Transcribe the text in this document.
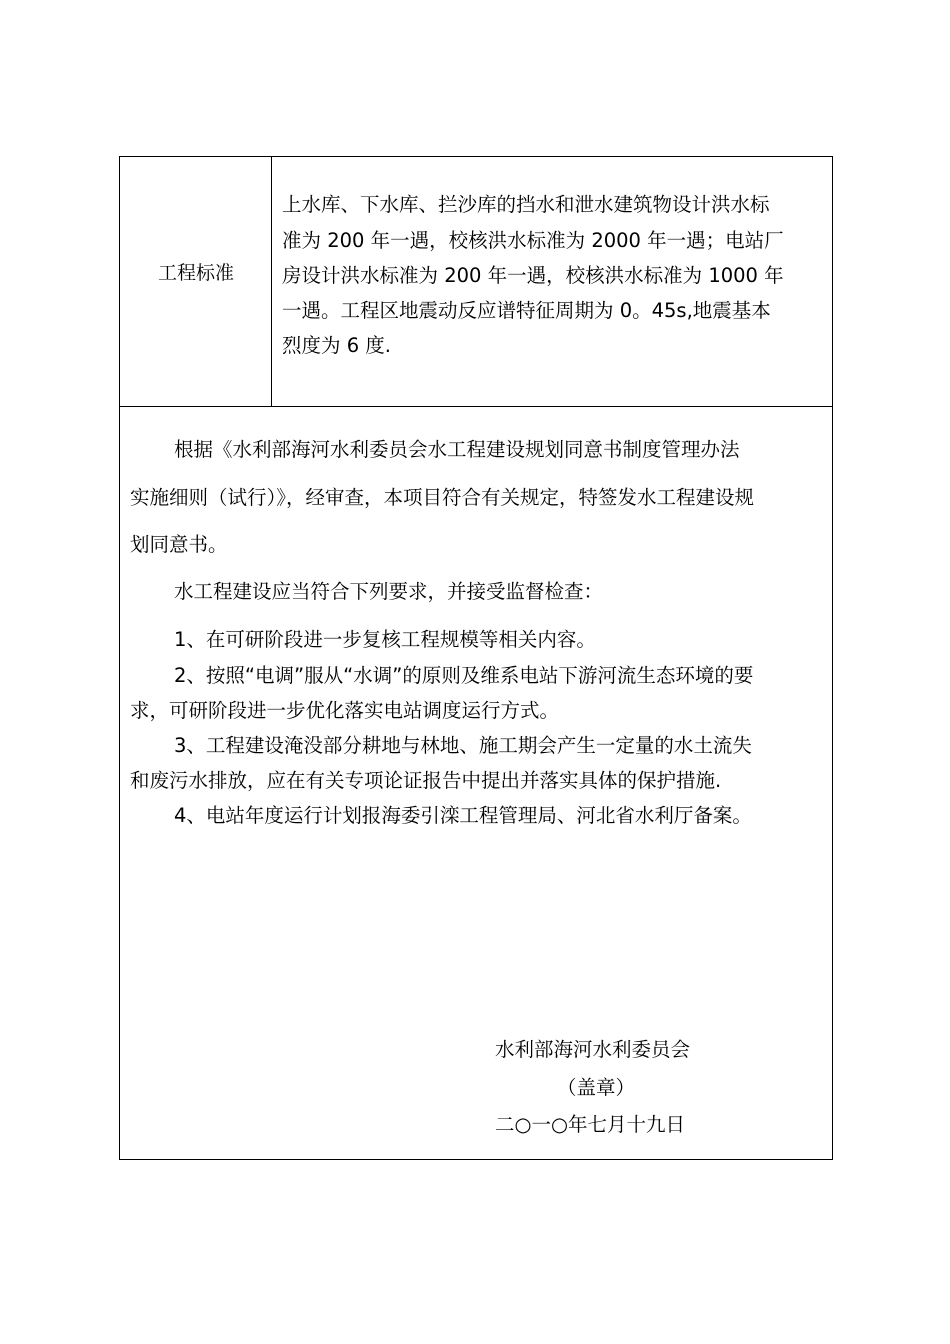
工程标准
上水库、下水库、拦沙库的挡水和泄水建筑物设计洪水标
准为 200 年一遇，校核洪水标准为 2000 年一遇；电站厂
房设计洪水标准为 200 年一遇，校核洪水标准为 1000 年
一遇。工程区地震动反应谱特征周期为 0。45s,地震基本
烈度为 6 度.
根据《水利部海河水利委员会水工程建设规划同意书制度管理办法
实施细则（试行）》，经审查，本项目符合有关规定，特签发水工程建设规
划同意书。
水工程建设应当符合下列要求，并接受监督检查：
1、在可研阶段进一步复核工程规模等相关内容。
2、按照“电调”服从“水调”的原则及维系电站下游河流生态环境的要
求，可研阶段进一步优化落实电站调度运行方式。
3、工程建设淹没部分耕地与林地、施工期会产生一定量的水土流失
和废污水排放，应在有关专项论证报告中提出并落实具体的保护措施.
4、电站年度运行计划报海委引滦工程管理局、河北省水利厅备案。
水利部海河水利委员会
（盖章）
二○一○年七月十九日
